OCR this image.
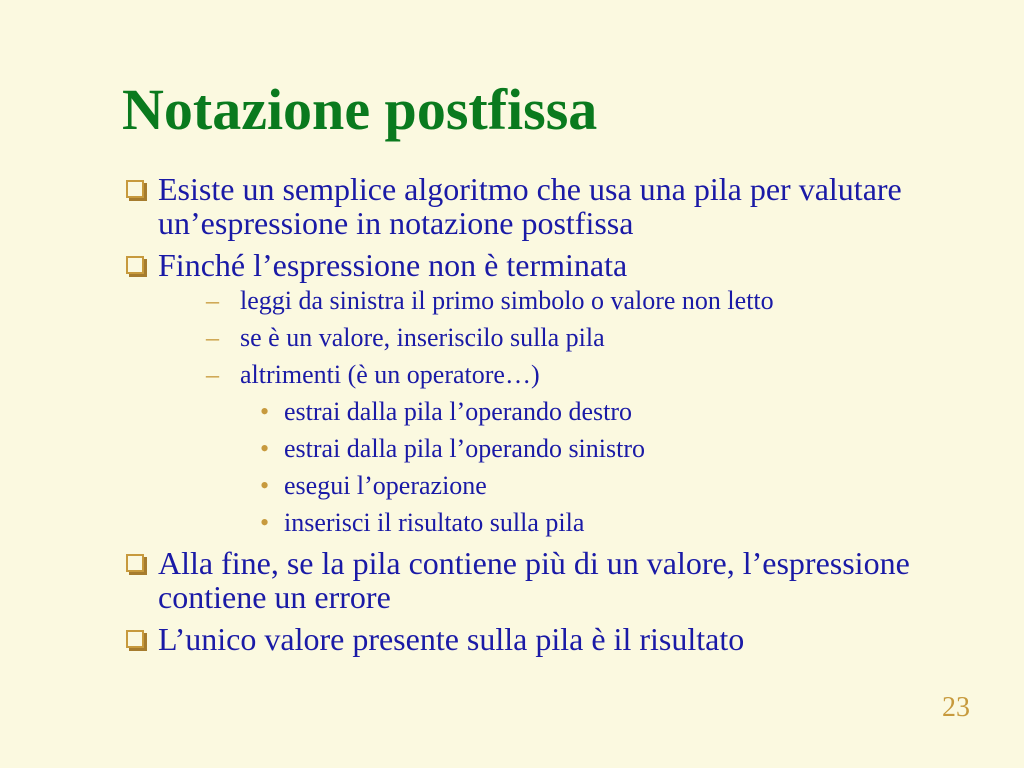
Notazione postfissa
Esiste un semplice algoritmo che usa una pila per valutare un’espressione in notazione postfissa
Finché l’espressione non è terminata
– leggi da sinistra il primo simbolo o valore non letto
– se è un valore, inseriscilo sulla pila
– altrimenti (è un operatore…)
• estrai dalla pila l’operando destro
• estrai dalla pila l’operando sinistro
• esegui l’operazione
• inserisci il risultato sulla pila
Alla fine, se la pila contiene più di un valore, l’espressione contiene un errore
L’unico valore presente sulla pila è il risultato
23
